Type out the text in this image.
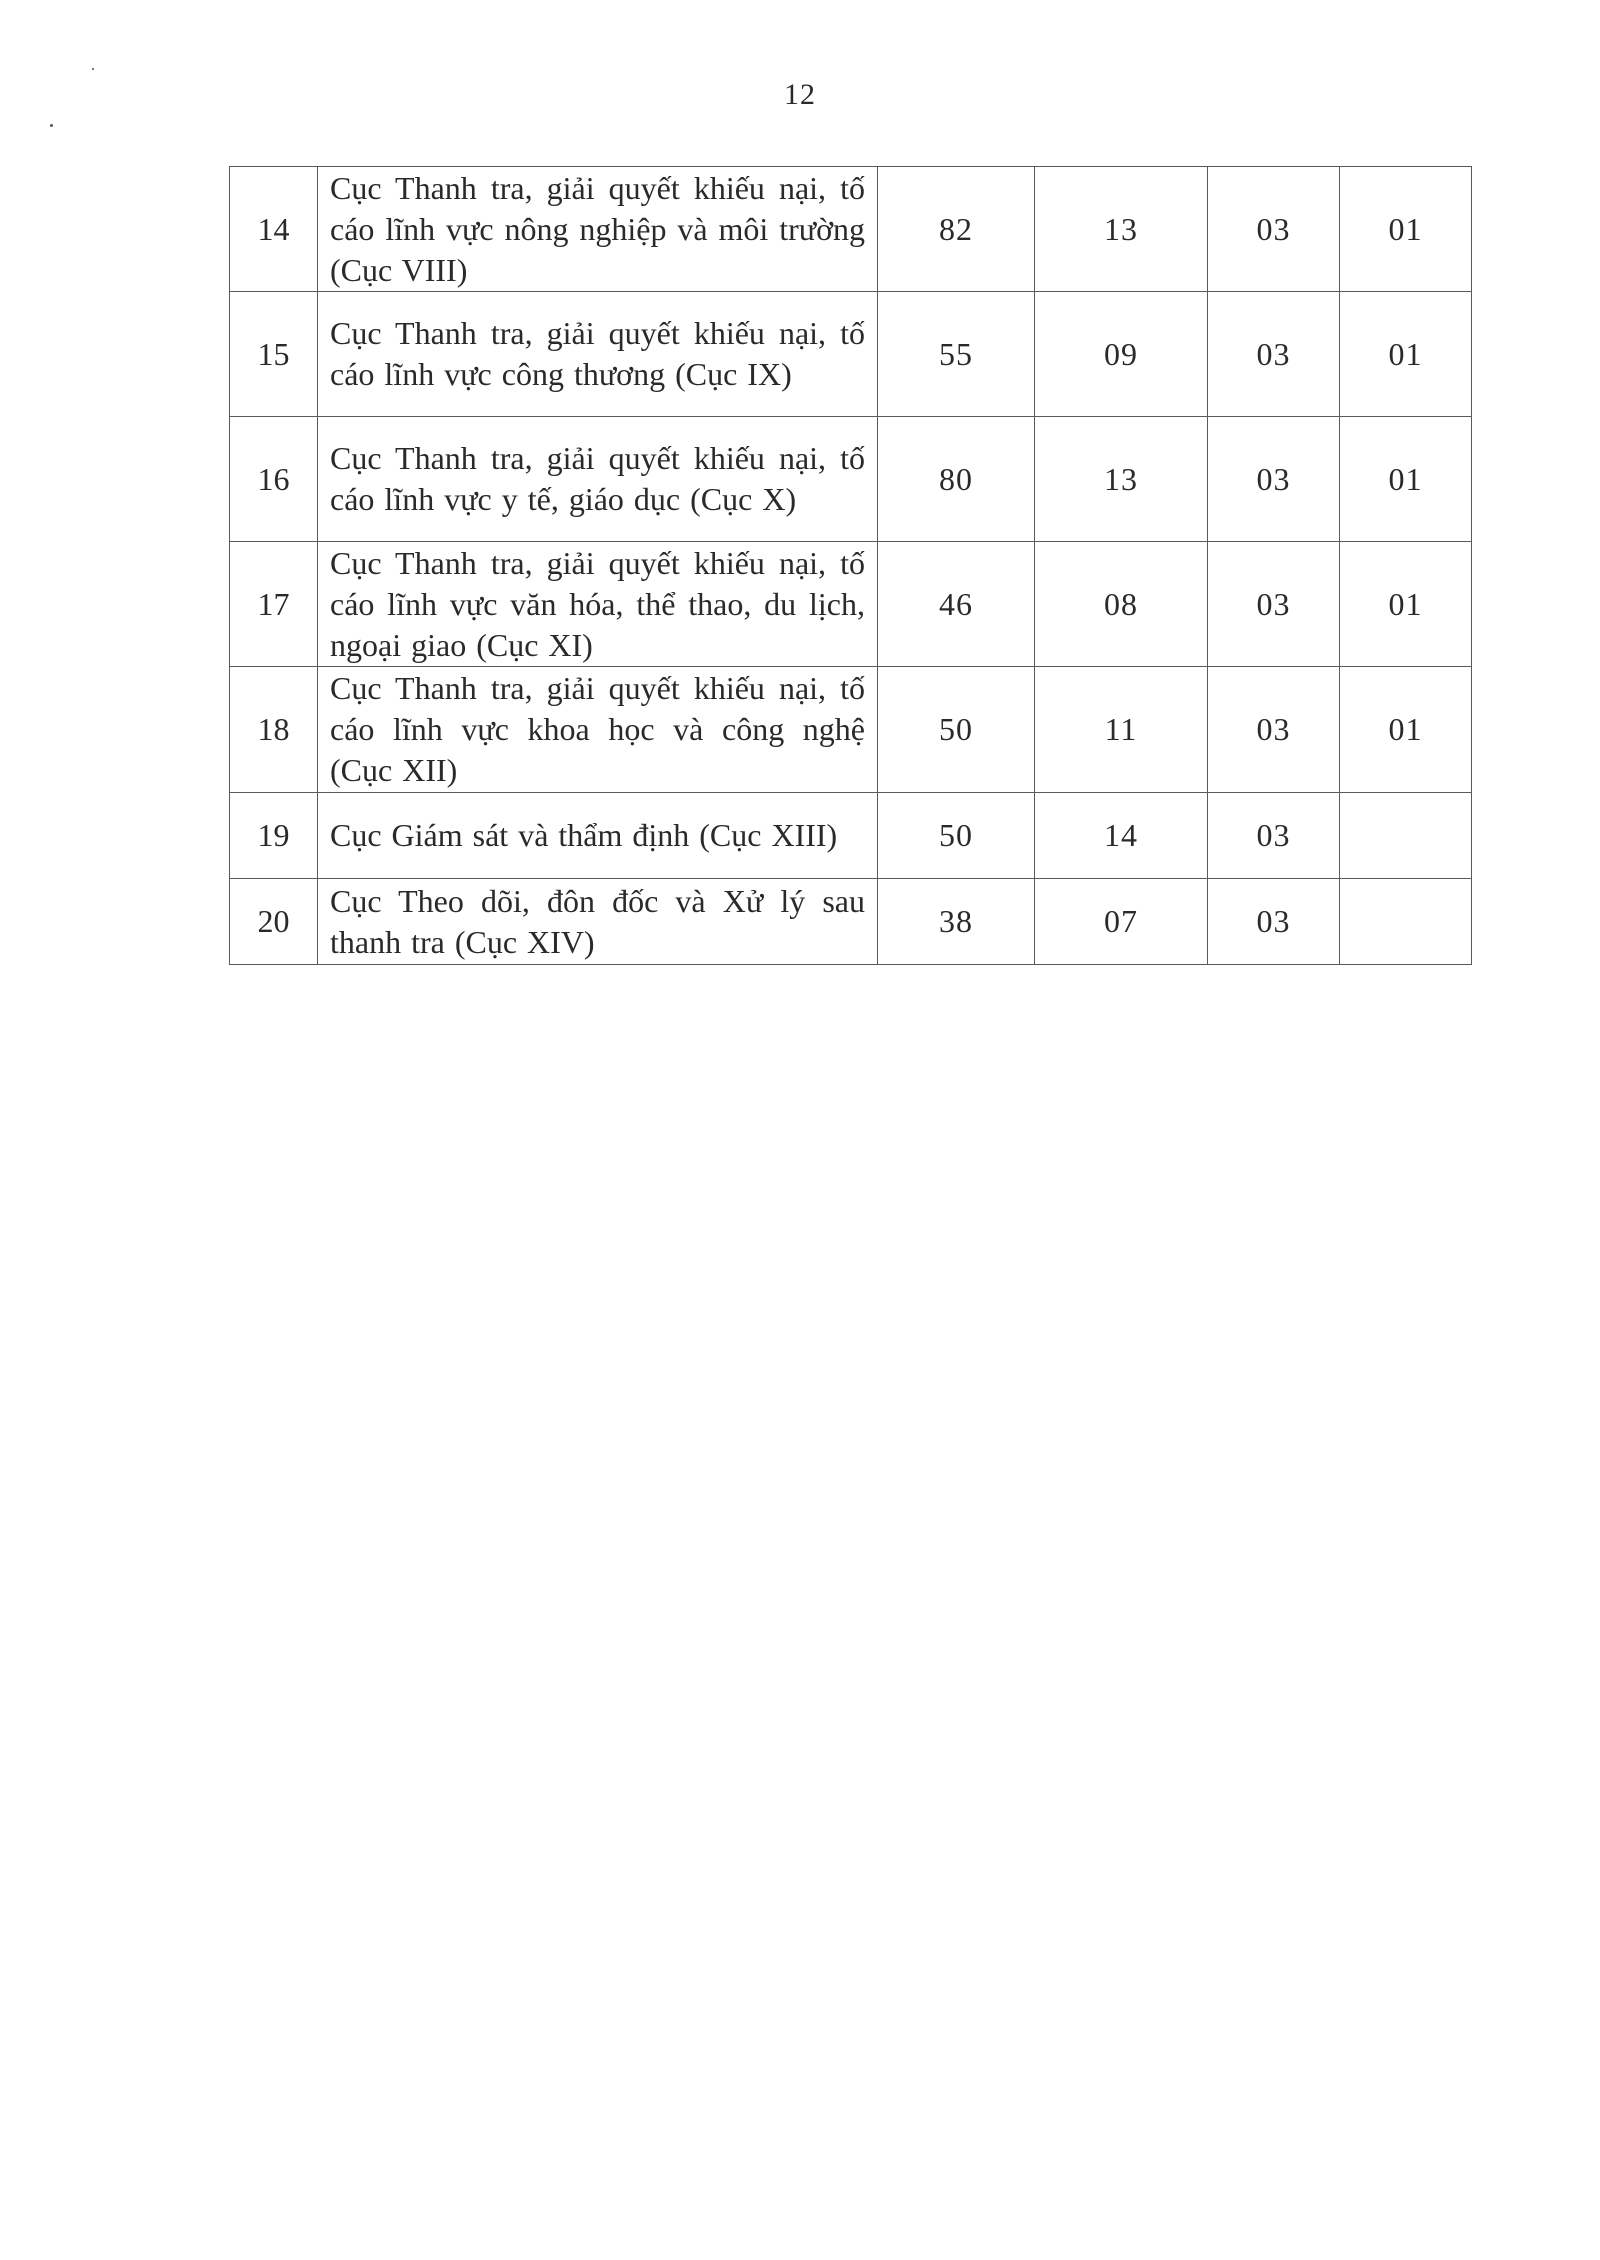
12
14	Cục Thanh tra, giải quyết khiếu nại, tố cáo lĩnh vực nông nghiệp và môi trường (Cục VIII)	82	13	03	01
15	Cục Thanh tra, giải quyết khiếu nại, tố cáo lĩnh vực công thương (Cục IX)	55	09	03	01
16	Cục Thanh tra, giải quyết khiếu nại, tố cáo lĩnh vực y tế, giáo dục (Cục X)	80	13	03	01
17	Cục Thanh tra, giải quyết khiếu nại, tố cáo lĩnh vực văn hóa, thể thao, du lịch, ngoại giao (Cục XI)	46	08	03	01
18	Cục Thanh tra, giải quyết khiếu nại, tố cáo lĩnh vực khoa học và công nghệ (Cục XII)	50	11	03	01
19	Cục Giám sát và thẩm định (Cục XIII)	50	14	03	
20	Cục Theo dõi, đôn đốc và Xử lý sau thanh tra (Cục XIV)	38	07	03	
